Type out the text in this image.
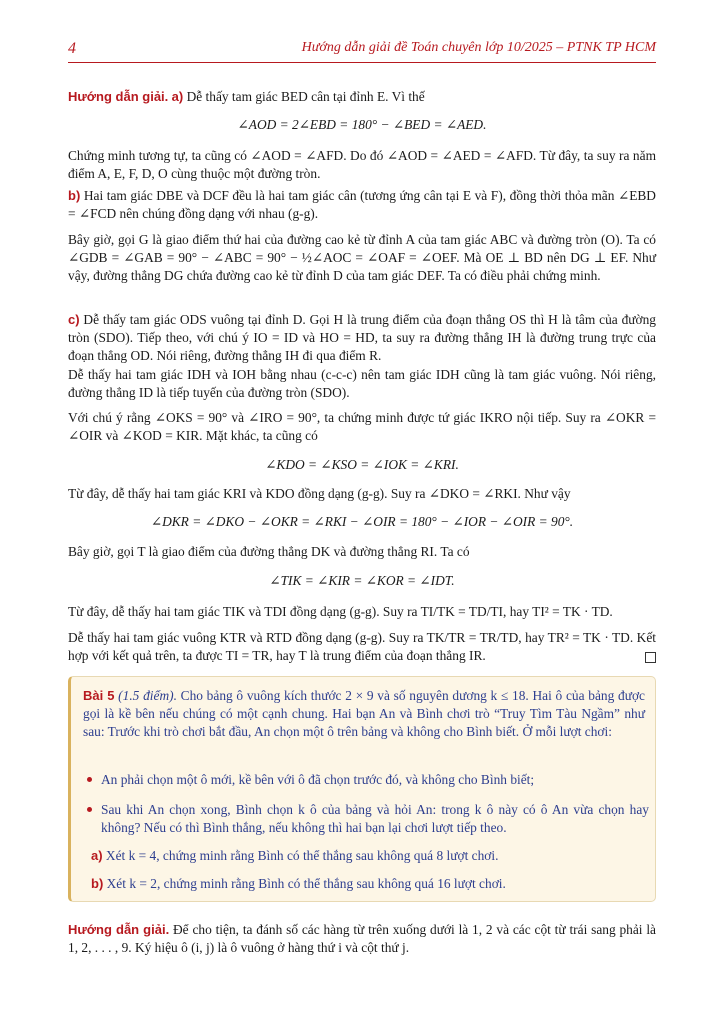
4	Hướng dẫn giải đề Toán chuyên lớp 10/2025 – PTNK TP HCM

Hướng dẫn giải. a) Dễ thấy tam giác BED cân tại đỉnh E. Vì thế

∠AOD = 2∠EBD = 180° − ∠BED = ∠AED.

Chứng minh tương tự, ta cũng có ∠AOD = ∠AFD. Do đó ∠AOD = ∠AED = ∠AFD. Từ đây, ta suy ra năm điểm A, E, F, D, O cùng thuộc một đường tròn.

b) Hai tam giác DBE và DCF đều là hai tam giác cân (tương ứng cân tại E và F), đồng thời thỏa mãn ∠EBD = ∠FCD nên chúng đồng dạng với nhau (g-g).

Bây giờ, gọi G là giao điểm thứ hai của đường cao kẻ từ đỉnh A của tam giác ABC và đường tròn (O). Ta có ∠GDB = ∠GAB = 90° − ∠ABC = 90° − ½∠AOC = ∠OAF = ∠OEF. Mà OE ⊥ BD nên DG ⊥ EF. Như vậy, đường thẳng DG chứa đường cao kẻ từ đỉnh D của tam giác DEF. Ta có điều phải chứng minh.

c) Dễ thấy tam giác ODS vuông tại đỉnh D. Gọi H là trung điểm của đoạn thẳng OS thì H là tâm của đường tròn (SDO). Tiếp theo, với chú ý IO = ID và HO = HD, ta suy ra đường thẳng IH là đường trung trực của đoạn thẳng OD. Nói riêng, đường thẳng IH đi qua điểm R.

Dễ thấy hai tam giác IDH và IOH bằng nhau (c-c-c) nên tam giác IDH cũng là tam giác vuông. Nói riêng, đường thẳng ID là tiếp tuyến của đường tròn (SDO).

Với chú ý rằng ∠OKS = 90° và ∠IRO = 90°, ta chứng minh được tứ giác IKRO nội tiếp. Suy ra ∠OKR = ∠OIR và ∠KOD = KIR. Mặt khác, ta cũng có

∠KDO = ∠KSO = ∠IOK = ∠KRI.

Từ đây, dễ thấy hai tam giác KRI và KDO đồng dạng (g-g). Suy ra ∠DKO = ∠RKI. Như vậy

∠DKR = ∠DKO − ∠OKR = ∠RKI − ∠OIR = 180° − ∠IOR − ∠OIR = 90°.

Bây giờ, gọi T là giao điểm của đường thẳng DK và đường thẳng RI. Ta có

∠TIK = ∠KIR = ∠KOR = ∠IDT.

Từ đây, dễ thấy hai tam giác TIK và TDI đồng dạng (g-g). Suy ra TI/TK = TD/TI, hay TI² = TK · TD.

Dễ thấy hai tam giác vuông KTR và RTD đồng dạng (g-g). Suy ra TK/TR = TR/TD, hay TR² = TK · TD. Kết hợp với kết quả trên, ta được TI = TR, hay T là trung điểm của đoạn thẳng IR.

Bài 5 (1.5 điểm). Cho bảng ô vuông kích thước 2 × 9 và số nguyên dương k ≤ 18. Hai ô của bảng được gọi là kề bên nếu chúng có một cạnh chung. Hai bạn An và Bình chơi trò “Truy Tìm Tàu Ngầm” như sau: Trước khi trò chơi bắt đầu, An chọn một ô trên bảng và không cho Bình biết. Ở mỗi lượt chơi:

An phải chọn một ô mới, kề bên với ô đã chọn trước đó, và không cho Bình biết;

Sau khi An chọn xong, Bình chọn k ô của bảng và hỏi An: trong k ô này có ô An vừa chọn hay không? Nếu có thì Bình thắng, nếu không thì hai bạn lại chơi lượt tiếp theo.

a) Xét k = 4, chứng minh rằng Bình có thể thắng sau không quá 8 lượt chơi.

b) Xét k = 2, chứng minh rằng Bình có thể thắng sau không quá 16 lượt chơi.

Hướng dẫn giải. Để cho tiện, ta đánh số các hàng từ trên xuống dưới là 1, 2 và các cột từ trái sang phải là 1, 2, . . . , 9. Ký hiệu ô (i, j) là ô vuông ở hàng thứ i và cột thứ j.
